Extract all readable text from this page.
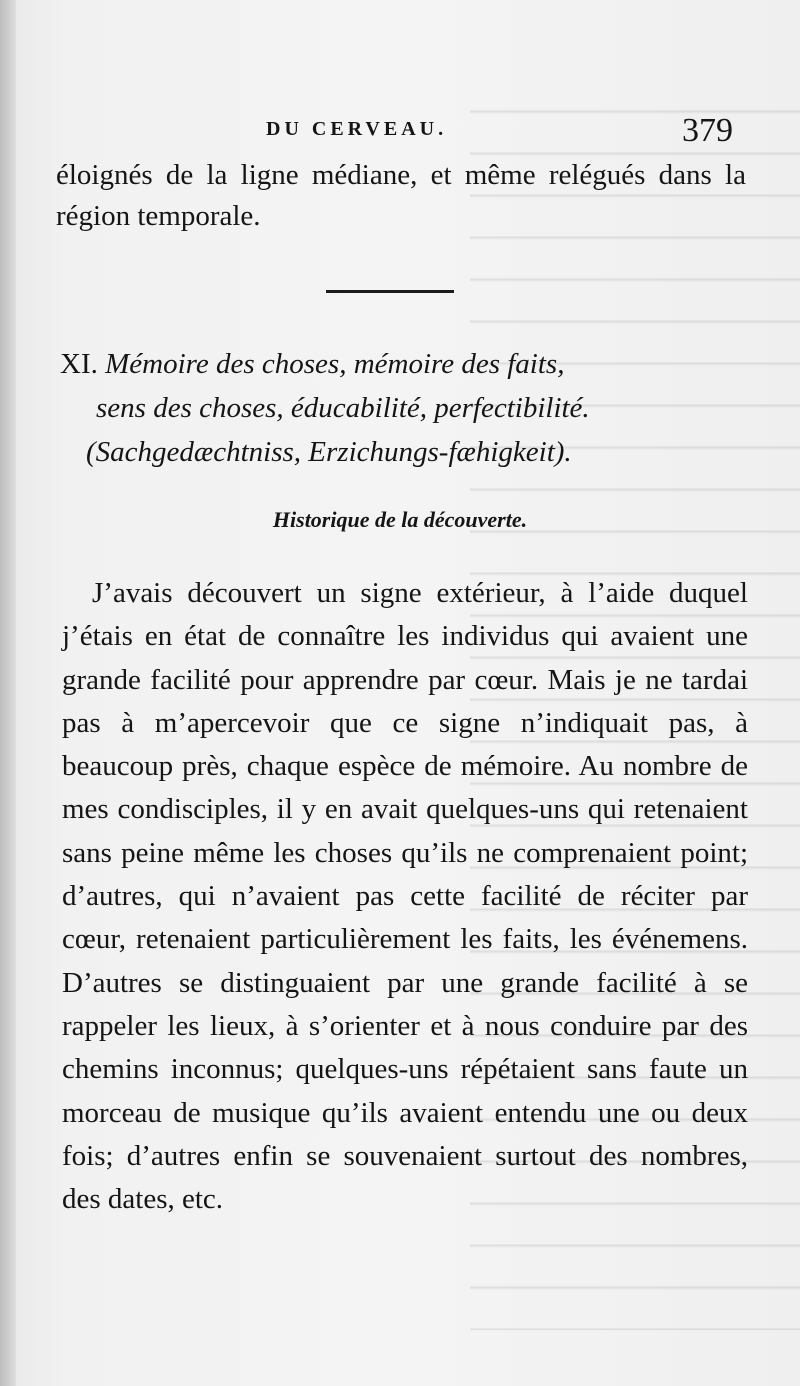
DU CERVEAU.	379
éloignés de la ligne médiane, et même relégués dans la région temporale.
XI. Mémoire des choses, mémoire des faits,
sens des choses, éducabilité, perfectibilité.
(Sachgedæchtniss, Erzichungs-fæhigkeit).
Historique de la découverte.
J’avais découvert un signe extérieur, à l’aide duquel j’étais en état de connaître les individus qui avaient une grande facilité pour apprendre par cœur. Mais je ne tardai pas à m’apercevoir que ce signe n’indiquait pas, à beaucoup près, chaque espèce de mémoire. Au nombre de mes condisciples, il y en avait quelques-uns qui retenaient sans peine même les choses qu’ils ne comprenaient point; d’autres, qui n’avaient pas cette facilité de réciter par cœur, retenaient particulièrement les faits, les événemens. D’autres se distinguaient par une grande facilité à se rappeler les lieux, à s’orienter et à nous conduire par des chemins inconnus; quelques-uns répétaient sans faute un morceau de musique qu’ils avaient entendu une ou deux fois; d’autres enfin se souvenaient surtout des nombres, des dates, etc.
